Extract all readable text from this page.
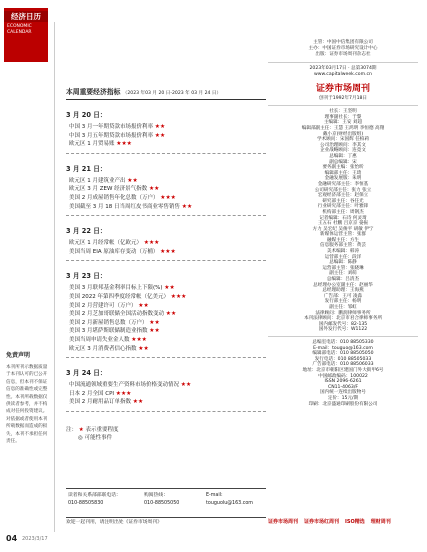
经济日历
ECONOMIC CALENDAR
免责声明
本刊所刊示数据质量于本刊认可的已公开信息，但本刊不保证信息的准确性或完整性。本刊所载数据仅供读者参考，并不构成对任何投资建议。对依据或者使用本刊所载数据而造成的损失，本刊不承担任何责任。
04 2023/3/17
本周重要经济指标 （2023 年03 月 20 日-2023 年 03 月 24 日）
3 月 20 日：
中国 3 月一年期贷款市场报价利率 ★★
中国 3 月五年期贷款市场报价利率 ★★
欧元区 1 月贸易账 ★★★
3 月 21 日：
欧元区 1 月建筑业产出 ★★
欧元区 3 月 ZEW 经济景气指数 ★★
美国 2 月成屋销售年化总数（万户） ★★★
美国截至 3 月 18 日当周红皮书商业零售销售 ★★
3 月 22 日：
欧元区 1 月经常帐（亿欧元） ★★★
美国当周 EIA 原油库存变动（万桶） ★★★
3 月 23 日：
美国 3 月联邦基金利率目标上下限(%) ★★
美国 2022 年第四季度经常帐（亿美元） ★★★
美国 2 月营建许可（万户） ★★
美国 2 月芝加哥联储全国活动指数变动 ★★
美国 2 月新屋销售总数（万户） ★★
美国 3 月堪萨斯联储制造业指数 ★★
美国当周申请失业金人数 ★★★
欧元区 3 月消费者信心指数 ★★
3 月 24 日：
中国流通领域重要生产资料市场价格变动情况 ★★
日本 2 月全国 CPI ★★★
美国 2 月耐用品订单指数 ★★
注： ★ 表示重要程度
◎ 可能性事件
读者和关系部部联电话：
010-88505830
购阅热线：
010-88505050
E-mail:
touguolu@163.com
欢迎一起刊用，请注明出处《证券市场周刊》
主管：中国中信集团有限公司
主办：中国证券市场研究设计中心
出版：证券市场周刊杂志社
2023年03月17日 · 总第3074期
www.capitalweek.com.cn
证券市场周刊
创刊于1992年7月18日
社长：王坚明
理事副社长：于黎
主编辑：王安 刘超
编辑部副主任：王慧 王鸿明 李恒德 高翔
戴小京(财经出版组)
学术顾问：宋国辉 任柏莉
公司治理顾问：李其文
企业战略顾问：连竟文
总编辑：丁惠
副总编辑：宋
要务副主编：张怡昕
编辑部主任：王琦
金融发展版：朱明
金融研究部主任：李恒基
公司研究部主任：张力 张立
宏观经济部主任：赵保立
研究部主任：谷任光
行业研究部主任：叶雅锋
机构部主任：周钢杰
记者编辑：石诗 何灵琦
王五石 杜鹏 吕京京 晏振
方力 吴宏纪 吴俊平 胡敏 伊宁
新媒体运营主管：张群
融媒主任：方生
信息服务部主管：黄芸
美术编辑：韩涛
运营部主任：段洋
总编辑：陈静
运营部主管：张晓琳
副主任：刘萌
总编辑：吕清杰
总经理办公室副主任：赵丽华
总经理助理：王海燕
广告部：王可 凌淼
发行部主任：杨明
副主任：邹虹
法律顾问：鹏润律师事务所
本刊法律顾问：北京市君合律师事务所
国内邮发代号：82-135
国外发行代号：W1122
总编室电话：010 88505330
E-mail：touguo@163.com
编辑部电话：010 88505050
发行电话：010 88505033
广告部电话：010 88506033
地址：北京市朝阳区建国门外大街甲6号
中国邮政编码：100022
ISSN 2096-6261
CN11-4063/F
国内统一连续出版物号
定价：15元/期
印刷：北京盛通印刷股份有限公司
证券市场周刊 证券市场红周刊 ISO精选 理财周刊
